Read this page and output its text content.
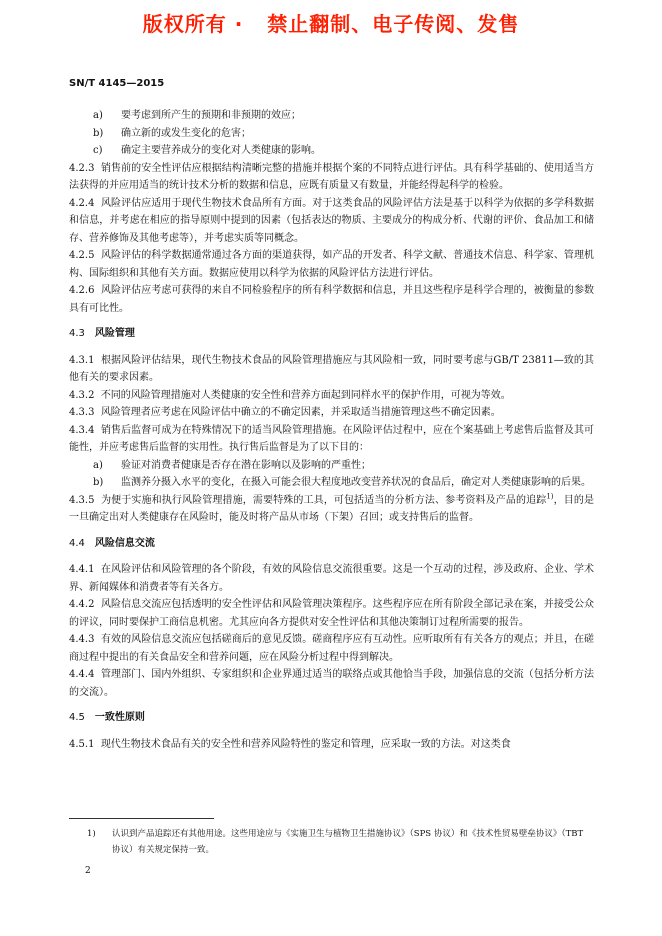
版权所有 ·   禁止翻制、电子传阅、发售
SN/T 4145—2015
a)	要考虑到所产生的预期和非预期的效应；
b)	确立新的或发生变化的危害；
c)	确定主要营养成分的变化对人类健康的影响。

4.2.3 销售前的安全性评估应根据结构清晰完整的措施并根据个案的不同特点进行评估。具有科学基础的、使用适当方法获得的并应用适当的统计技术分析的数据和信息，应既有质量又有数量，并能经得起科学的检验。

4.2.4 风险评估应适用于现代生物技术食品所有方面。对于这类食品的风险评估方法是基于以科学为依据的多学科数据和信息，并考虑在相应的指导原则中提到的因素（包括表达的物质、主要成分的构成分析、代谢的评价、食品加工和储存、营养修饰及其他考虑等），并考虑实质等同概念。

4.2.5 风险评估的科学数据通常通过各方面的渠道获得，如产品的开发者、科学文献、普通技术信息、科学家、管理机构、国际组织和其他有关方面。数据应使用以科学为依据的风险评估方法进行评估。

4.2.6 风险评估应考虑可获得的来自不同检验程序的所有科学数据和信息，并且这些程序是科学合理的，被衡量的参数具有可比性。

4.3 风险管理

4.3.1 根据风险评估结果，现代生物技术食品的风险管理措施应与其风险相一致，同时要考虑与GB/T 23811—致的其他有关的要求因素。

4.3.2 不同的风险管理措施对人类健康的安全性和营养方面起到同样水平的保护作用，可视为等效。

4.3.3 风险管理者应考虑在风险评估中确立的不确定因素，并采取适当措施管理这些不确定因素。

4.3.4 销售后监督可成为在特殊情况下的适当风险管理措施。在风险评估过程中，应在个案基础上考虑售后监督及其可能性，并应考虑售后监督的实用性。执行售后监督是为了以下目的：

a)	验证对消费者健康是否存在潜在影响以及影响的严重性；
b)	监测养分摄入水平的变化，在摄入可能会很大程度地改变营养状况的食品后，确定对人类健康影响的后果。

4.3.5 为便于实施和执行风险管理措施，需要特殊的工具，可包括适当的分析方法、参考资料及产品的追踪$^{1)}$，目的是一旦确定出对人类健康存在风险时，能及时将产品从市场（下架）召回；或支持售后的监督。

4.4 风险信息交流

4.4.1 在风险评估和风险管理的各个阶段，有效的风险信息交流很重要。这是一个互动的过程，涉及政府、企业、学术界、新闻媒体和消费者等有关各方。

4.4.2 风险信息交流应包括透明的安全性评估和风险管理决策程序。这些程序应在所有阶段全部记录在案，并接受公众的评议，同时要保护工商信息机密。尤其应向各方提供对安全性评估和其他决策制订过程所需要的报告。

4.4.3 有效的风险信息交流应包括磋商后的意见反馈。磋商程序应有互动性。应听取所有有关各方的观点；并且，在磋商过程中提出的有关食品安全和营养问题，应在风险分析过程中得到解决。

4.4.4 管理部门、国内外组织、专家组织和企业界通过适当的联络点或其他恰当手段，加强信息的交流（包括分析方法的交流）。

4.5 一致性原则

4.5.1 现代生物技术食品有关的安全性和营养风险特性的鉴定和管理，应采取一致的方法。对这类食

1)	认识到产品追踪还有其他用途。这些用途应与《实施卫生与植物卫生措施协议》（SPS 协议）和《技术性贸易壁垒协议》（TBT 协议）有关规定保持一致。
2
